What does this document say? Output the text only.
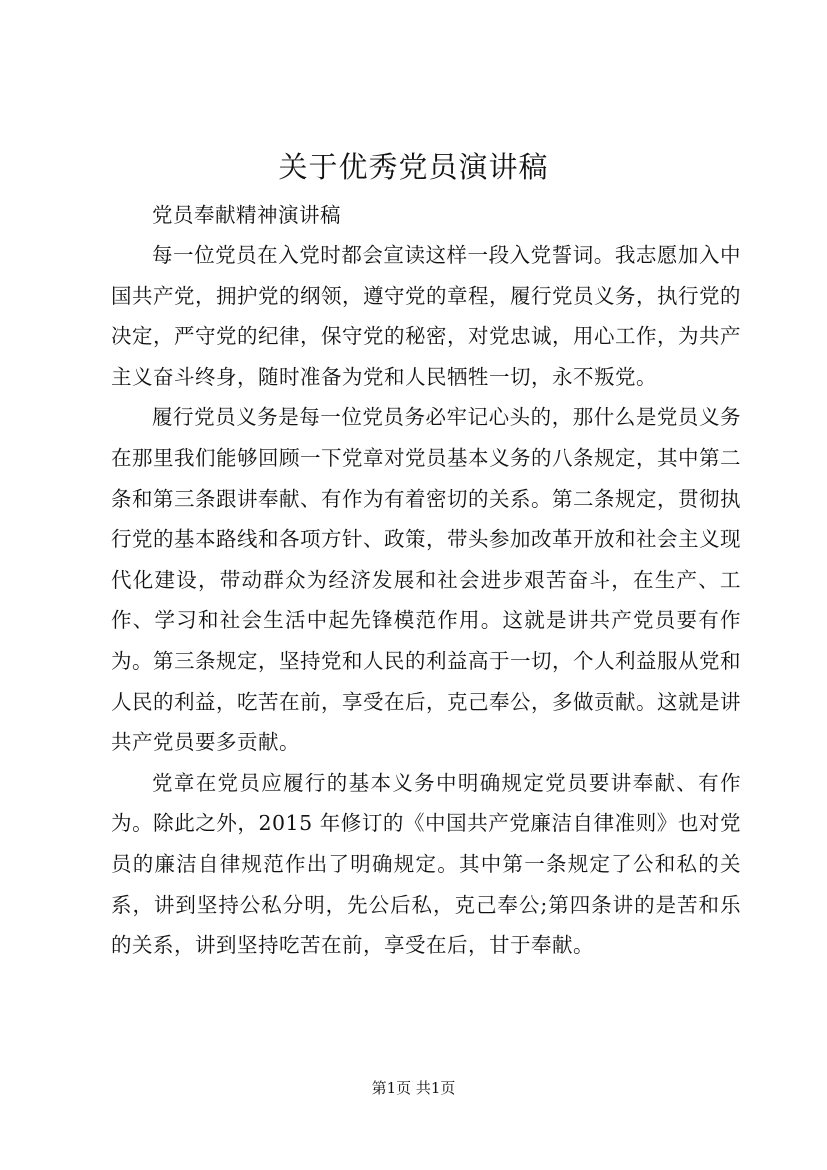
关于优秀党员演讲稿

党员奉献精神演讲稿

每一位党员在入党时都会宣读这样一段入党誓词。我志愿加入中国共产党，拥护党的纲领，遵守党的章程，履行党员义务，执行党的决定，严守党的纪律，保守党的秘密，对党忠诚，用心工作，为共产主义奋斗终身，随时准备为党和人民牺牲一切，永不叛党。

履行党员义务是每一位党员务必牢记心头的，那什么是党员义务在那里我们能够回顾一下党章对党员基本义务的八条规定，其中第二条和第三条跟讲奉献、有作为有着密切的关系。第二条规定，贯彻执行党的基本路线和各项方针、政策，带头参加改革开放和社会主义现代化建设，带动群众为经济发展和社会进步艰苦奋斗，在生产、工作、学习和社会生活中起先锋模范作用。这就是讲共产党员要有作为。第三条规定，坚持党和人民的利益高于一切，个人利益服从党和人民的利益，吃苦在前，享受在后，克己奉公，多做贡献。这就是讲共产党员要多贡献。

党章在党员应履行的基本义务中明确规定党员要讲奉献、有作为。除此之外，2015 年修订的《中国共产党廉洁自律准则》也对党员的廉洁自律规范作出了明确规定。其中第一条规定了公和私的关系，讲到坚持公私分明，先公后私，克己奉公;第四条讲的是苦和乐的关系，讲到坚持吃苦在前，享受在后，甘于奉献。

第1页 共1页
